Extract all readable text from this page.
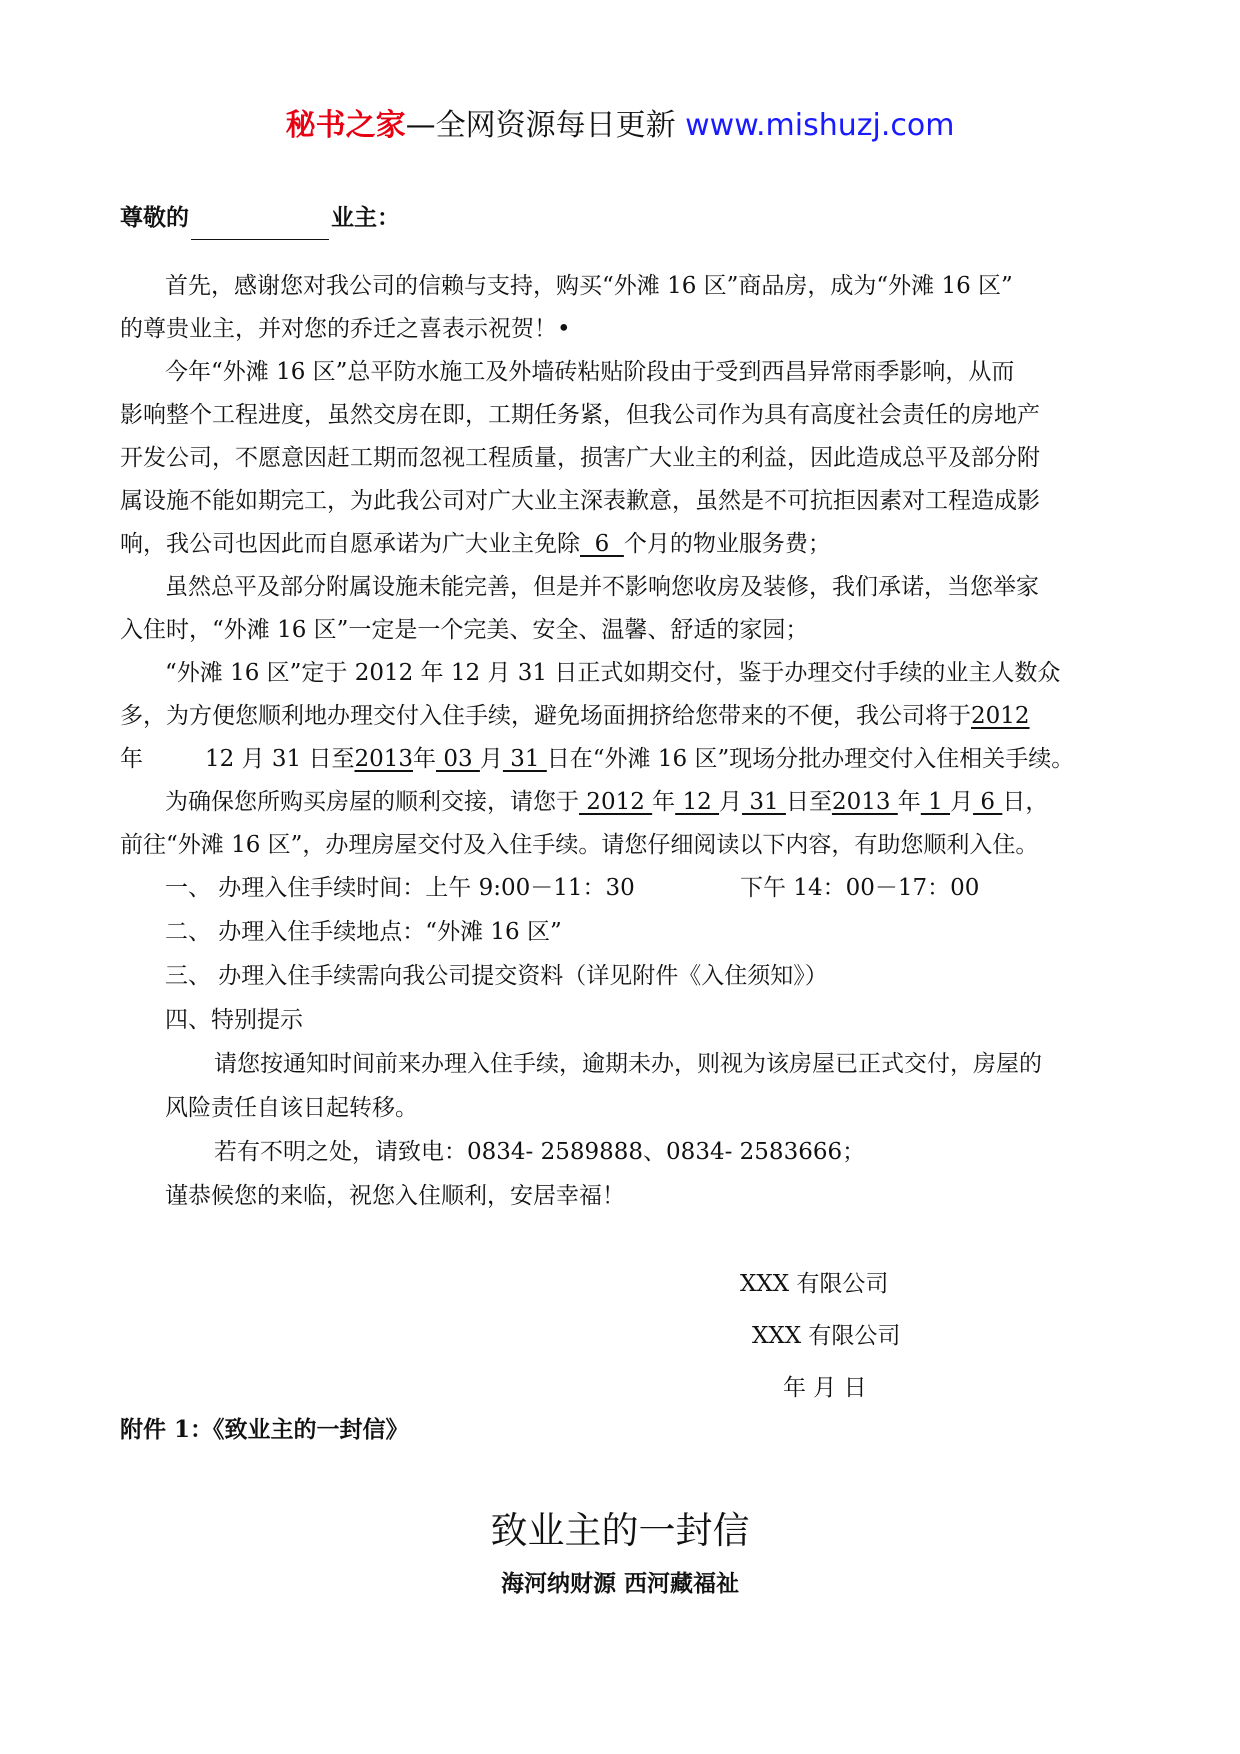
秘书之家—全网资源每日更新 www.mishuzj.com
尊敬的	业主：
首先，感谢您对我公司的信赖与支持，购买“外滩 16 区”商品房，成为“外滩 16 区”
的尊贵业主，并对您的乔迁之喜表示祝贺！•
今年“外滩 16 区”总平防水施工及外墙砖粘贴阶段由于受到西昌异常雨季影响，从而
影响整个工程进度，虽然交房在即，工期任务紧，但我公司作为具有高度社会责任的房地产
开发公司，不愿意因赶工期而忽视工程质量，损害广大业主的利益，因此造成总平及部分附
属设施不能如期完工，为此我公司对广大业主深表歉意，虽然是不可抗拒因素对工程造成影
响，我公司也因此而自愿承诺为广大业主免除  6  个月的物业服务费；
虽然总平及部分附属设施未能完善，但是并不影响您收房及装修，我们承诺，当您举家
入住时，“外滩 16 区”一定是一个完美、安全、温馨、舒适的家园；
“外滩 16 区”定于 2012 年 12 月 31 日正式如期交付，鉴于办理交付手续的业主人数众
多，为方便您顺利地办理交付入住手续，避免场面拥挤给您带来的不便，我公司将于2012
年	12 月 31 日至2013年 03 月 31 日在“外滩 16 区”现场分批办理交付入住相关手续。
为确保您所购买房屋的顺利交接，请您于 2012 年 12 月 31 日至2013 年 1 月 6 日，
前往“外滩 16 区”，办理房屋交付及入住手续。请您仔细阅读以下内容，有助您顺利入住。
一、 办理入住手续时间：上午 9:00－11：30	下午 14：00－17：00
二、 办理入住手续地点：“外滩 16 区”
三、 办理入住手续需向我公司提交资料（详见附件《入住须知》）
四、特别提示
请您按通知时间前来办理入住手续，逾期未办，则视为该房屋已正式交付，房屋的
风险责任自该日起转移。
若有不明之处，请致电：0834- 2589888、0834- 2583666；
谨恭候您的来临，祝您入住顺利，安居幸福！
XXX 有限公司
XXX 有限公司
年 月 日
附件 1：《致业主的一封信》
致业主的一封信
海河纳财源 西河藏福祉
